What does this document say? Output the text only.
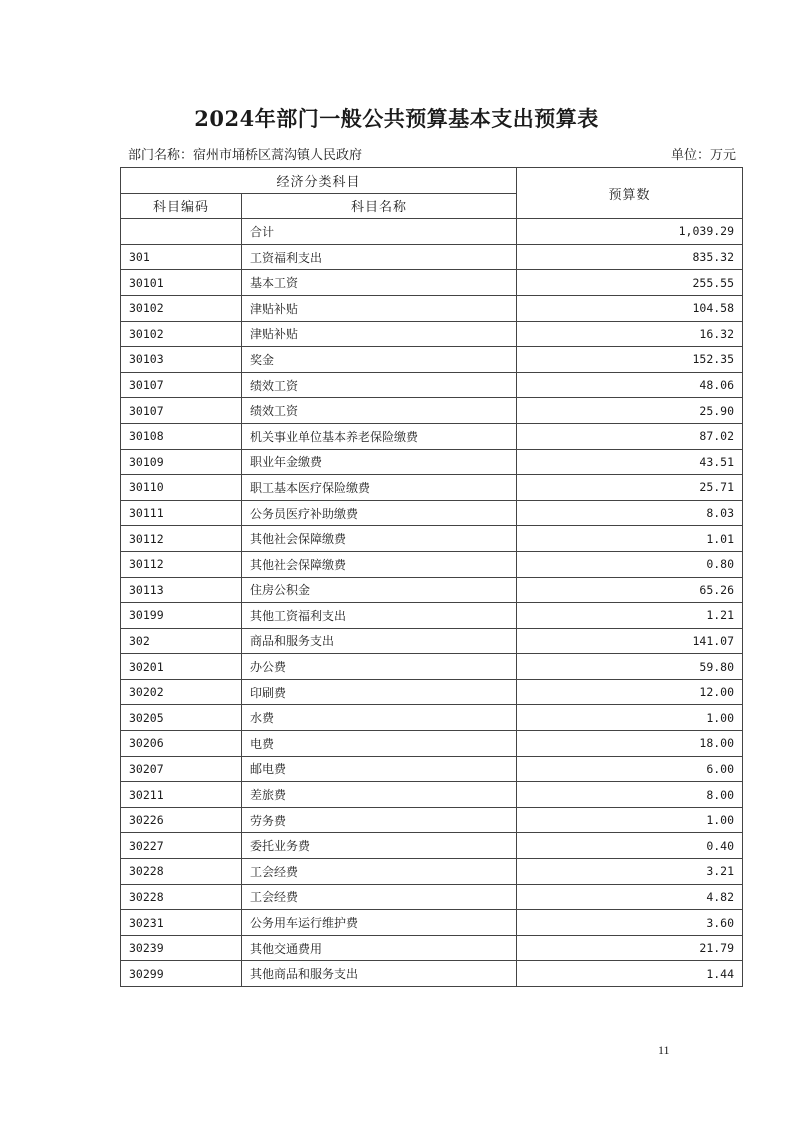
2024年部门一般公共预算基本支出预算表
部门名称：宿州市埇桥区蒿沟镇人民政府	单位：万元
经济分类科目		预算数
科目编码	科目名称	
	合计	1,039.29
301	工资福利支出	835.32
30101	基本工资	255.55
30102	津贴补贴	104.58
30102	津贴补贴	16.32
30103	奖金	152.35
30107	绩效工资	48.06
30107	绩效工资	25.90
30108	机关事业单位基本养老保险缴费	87.02
30109	职业年金缴费	43.51
30110	职工基本医疗保险缴费	25.71
30111	公务员医疗补助缴费	8.03
30112	其他社会保障缴费	1.01
30112	其他社会保障缴费	0.80
30113	住房公积金	65.26
30199	其他工资福利支出	1.21
302	商品和服务支出	141.07
30201	办公费	59.80
30202	印刷费	12.00
30205	水费	1.00
30206	电费	18.00
30207	邮电费	6.00
30211	差旅费	8.00
30226	劳务费	1.00
30227	委托业务费	0.40
30228	工会经费	3.21
30228	工会经费	4.82
30231	公务用车运行维护费	3.60
30239	其他交通费用	21.79
30299	其他商品和服务支出	1.44
11
